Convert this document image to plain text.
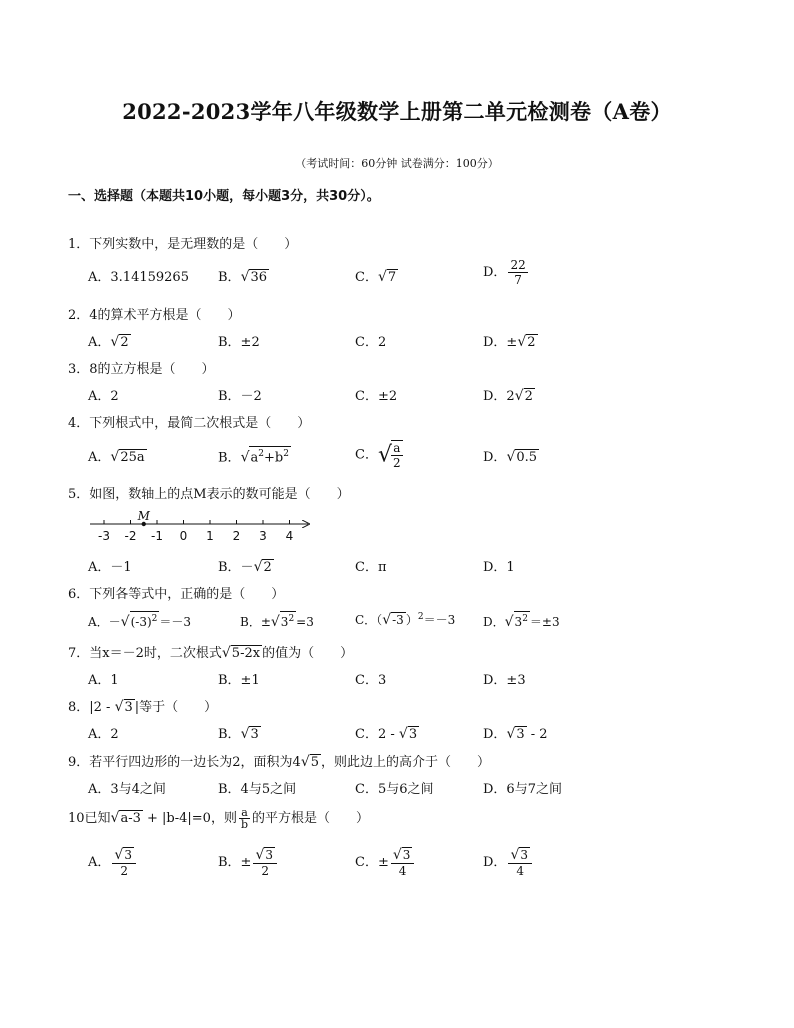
2022-2023学年八年级数学上册第二单元检测卷（A卷）
（考试时间：60分钟 试卷满分：100分）
一、选择题（本题共10小题，每小题3分，共30分）。
1．下列实数中，是无理数的是（　　）
A．3.14159265 B．√36	C．√7	D． $\frac{22}{7}$
2．4的算术平方根是（　　）
A．√2	B．±2	C．2	D．±√2
3．8的立方根是（　　）
A．2	B．－2	C．±2	D．2√2
4．下列根式中，最简二次根式是（　　）
A．√25a	B．$√a^2+b^2$	C．√ $\frac{a}{2}$	D．√0.5
5．如图，数轴上的点M表示的数可能是（　　）
-3 -2 -1 0 1 2 3 4
M
A．－1	B．－√2	C．π	D．1
6．下列各等式中，正确的是（　　）
A．$-√(-3)^2 =-3$	B．$\pm√3^2 =3$	C．（√-3 ）$^2$＝－3 D．$√3^2 =\pm 3$
7．当x＝－2时，二次根式√5-2x 的值为（　　）
A．1	B．±1	C．3	D．±3
8．|2 - √3 |等于（　　）
A．2	B．√3	C．2 - √3	D．√3 - 2
9．若平行四边形的一边长为2，面积为4√5 ，则此边上的高介于（　　）
A．3与4之间	B．4与5之间	C．5与6之间	D．6与7之间
10已知√a-3 + |b-4|=0，则 $\frac{a}{b}$ 的平方根是（　　）
A． $\frac{√3}{2}$	B．± $\frac{√3}{2}$	C．± $\frac{√3}{4}$	D． $\frac{√3}{4}$
